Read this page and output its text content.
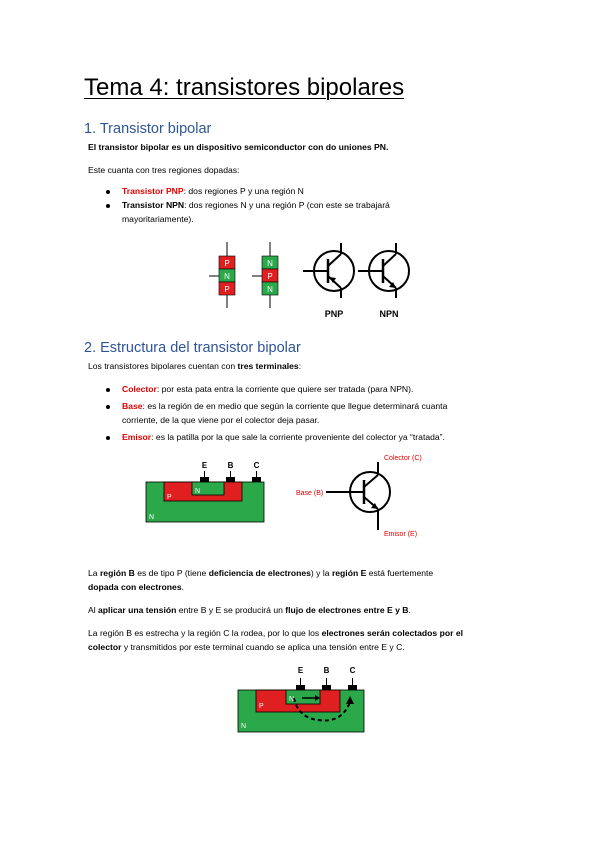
Tema 4: transistores bipolares
1. Transistor bipolar
El transistor bipolar es un dispositivo semiconductor con do uniones PN.
Este cuanta con tres regiones dopadas:
Transistor PNP: dos regiones P y una región N
Transistor NPN: dos regiones N y una región P (con este se trabajará
mayoritariamente).
P
N
P
N
P
N
PNP	NPN
2. Estructura del transistor bipolar
Los transistores bipolares cuentan con tres terminales:
Colector: por esta pata entra la corriente que quiere ser tratada (para NPN).
Base: es la región de en medio que según la corriente que llegue determinará cuanta
corriente, de la que viene por el colector deja pasar.
Emisor: es la patilla por la que sale la corriente proveniente del colector ya “tratada”.
E	B	C
N
P
N
Colector (C)
Base (B)
Emisor (E)
La región B es de tipo P (tiene deficiencia de electrones) y la región E está fuertemente
dopada con electrones.
Al aplicar una tensión entre B y E se producirá un flujo de electrones entre E y B.
La región B es estrecha y la región C la rodea, por lo que los electrones serán colectados por el
colector y transmitidos por este terminal cuando se aplica una tensión entre E y C.
E	B	C
N
P
N
